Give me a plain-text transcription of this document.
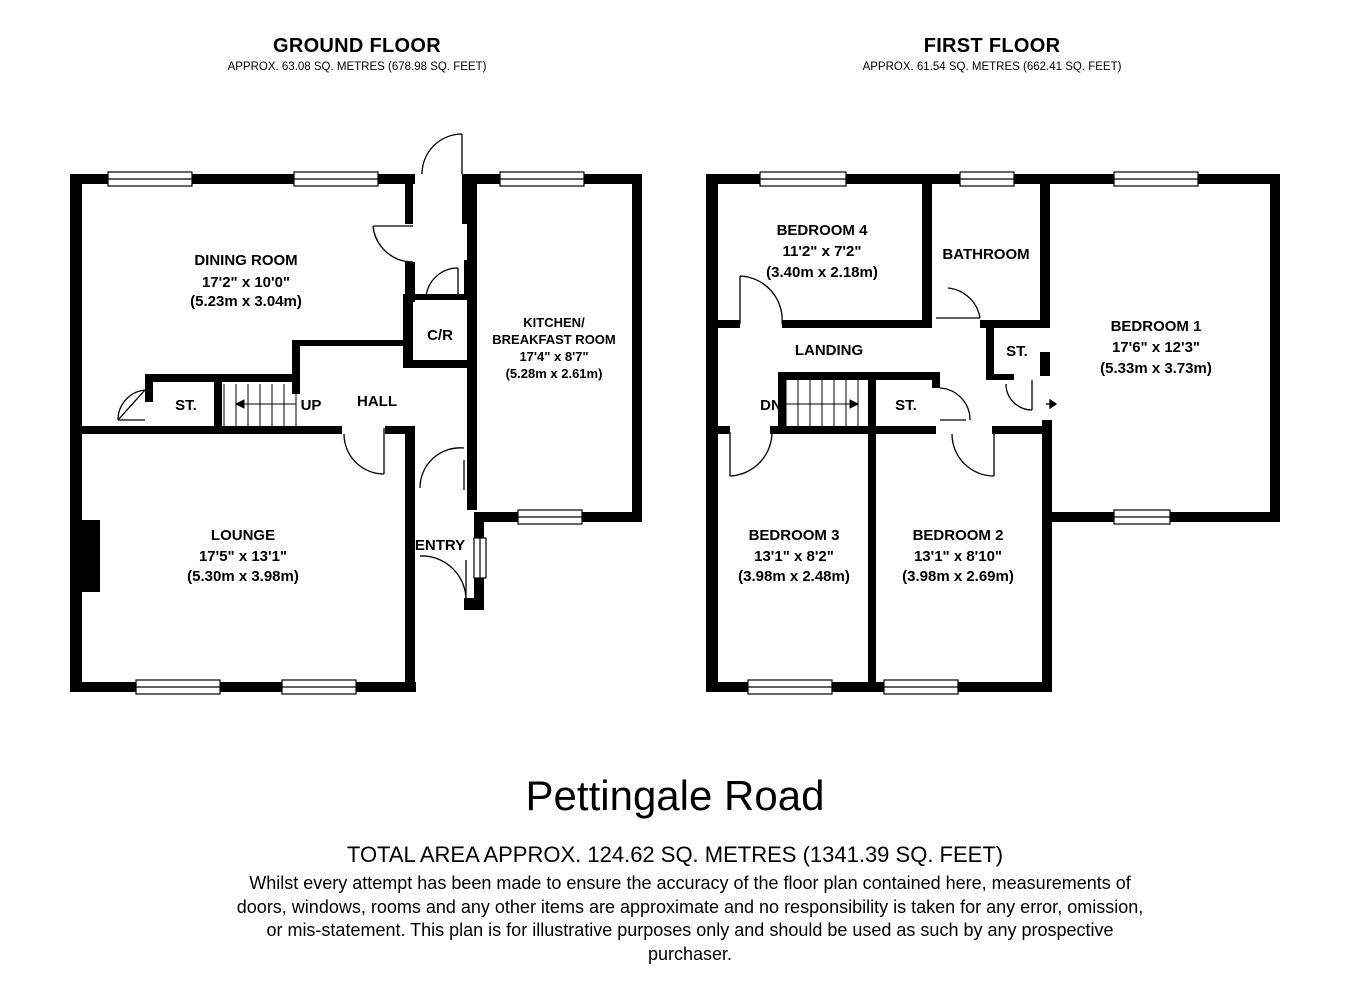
GROUND FLOOR
APPROX. 63.08 SQ. METRES (678.98 SQ. FEET)
FIRST FLOOR
APPROX. 61.54 SQ. METRES (662.41 SQ. FEET)
DINING ROOM
17'2" x 10'0"
(5.23m x 3.04m)
KITCHEN/
BREAKFAST ROOM
17'4" x 8'7"
(5.28m x 2.61m)
C/R
ST.	UP HALL
LOUNGE
17'5" x 13'1"
(5.30m x 3.98m)
ENTRY
BEDROOM 4
11'2" x 7'2"
(3.40m x 2.18m)
BATHROOM
BEDROOM 1
17'6" x 12'3"
(5.33m x 3.73m)
LANDING	ST.
ST.
DN
BEDROOM 3
13'1" x 8'2"
(3.98m x 2.48m)
BEDROOM 2
13'1" x 8'10"
(3.98m x 2.69m)
Pettingale Road
TOTAL AREA APPROX. 124.62 SQ. METRES (1341.39 SQ. FEET)
Whilst every attempt has been made to ensure the accuracy of the floor plan contained here, measurements of doors, windows, rooms and any other items are approximate and no responsibility is taken for any error, omission, or mis-statement. This plan is for illustrative purposes only and should be used as such by any prospective purchaser.
